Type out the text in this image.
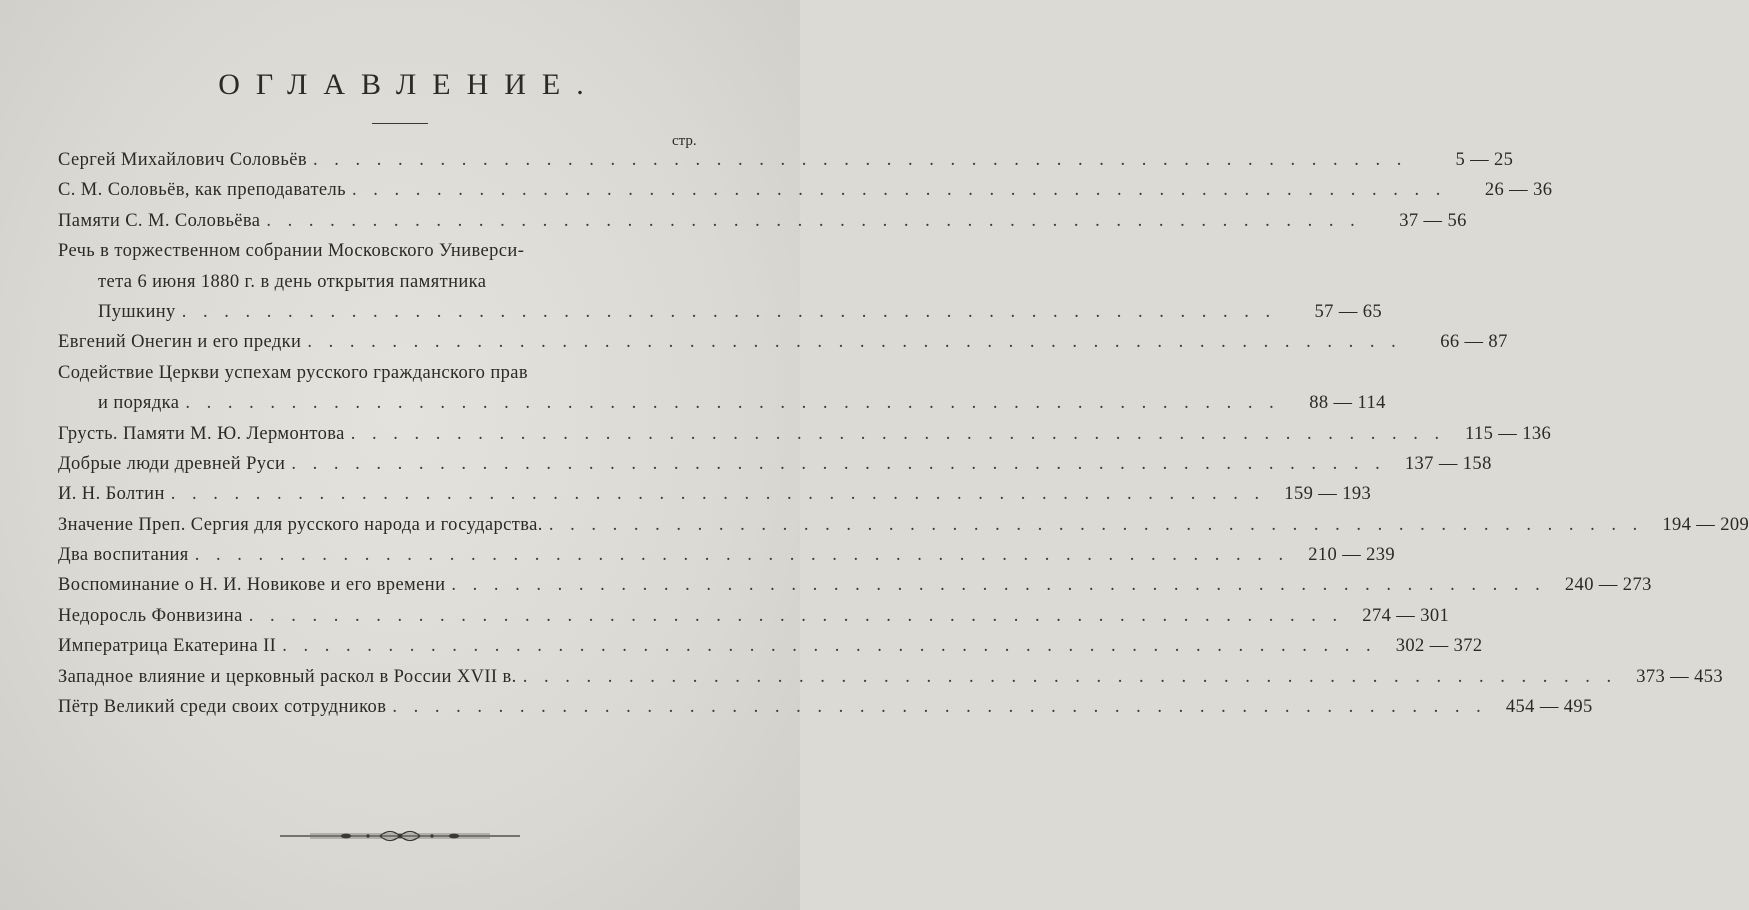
ОГЛАВЛЕНИЕ.
стр.
Сергей Михайлович Соловьёв . . . . . . . . . . . . . . . . . . . . . . . . . . . . . . . . . . . . . . . . . . . . . . . . . . . .	5 — 25
С. М. Соловьёв, как преподаватель . . . . . . . . . . . . . . . . . . . . . . . . . . . . . . . . . . . . . . . . . . . . . . . . . . . .	26 — 36
Памяти С. М. Соловьёва . . . . . . . . . . . . . . . . . . . . . . . . . . . . . . . . . . . . . . . . . . . . . . . . . . . .	37 — 56
Речь в торжественном собрании Московского Универси-
тета 6 июня 1880 г. в день открытия памятника
Пушкину . . . . . . . . . . . . . . . . . . . . . . . . . . . . . . . . . . . . . . . . . . . . . . . . . . . .	57 — 65
Евгений Онегин и его предки . . . . . . . . . . . . . . . . . . . . . . . . . . . . . . . . . . . . . . . . . . . . . . . . . . . .	66 — 87
Содействие Церкви успехам русского гражданского прав
и порядка . . . . . . . . . . . . . . . . . . . . . . . . . . . . . . . . . . . . . . . . . . . . . . . . . . . .	88 — 114
Грусть. Памяти М. Ю. Лермонтова . . . . . . . . . . . . . . . . . . . . . . . . . . . . . . . . . . . . . . . . . . . . . . . . . . . .	115 — 136
Добрые люди древней Руси . . . . . . . . . . . . . . . . . . . . . . . . . . . . . . . . . . . . . . . . . . . . . . . . . . . .	137 — 158
И. Н. Болтин . . . . . . . . . . . . . . . . . . . . . . . . . . . . . . . . . . . . . . . . . . . . . . . . . . . .	159 — 193
Значение Преп. Сергия для русского народа и государства. . . . . . . . . . . . . . . . . . . . . . . . . . . . . . . . . . . . . . . . . . . . . . . . . . . . .	194 — 209
Два воспитания . . . . . . . . . . . . . . . . . . . . . . . . . . . . . . . . . . . . . . . . . . . . . . . . . . . .	210 — 239
Воспоминание о Н. И. Новикове и его времени . . . . . . . . . . . . . . . . . . . . . . . . . . . . . . . . . . . . . . . . . . . . . . . . . . . .	240 — 273
Недоросль Фонвизина . . . . . . . . . . . . . . . . . . . . . . . . . . . . . . . . . . . . . . . . . . . . . . . . . . . .	274 — 301
Императрица Екатерина II . . . . . . . . . . . . . . . . . . . . . . . . . . . . . . . . . . . . . . . . . . . . . . . . . . . .	302 — 372
Западное влияние и церковный раскол в России XVII в. . . . . . . . . . . . . . . . . . . . . . . . . . . . . . . . . . . . . . . . . . . . . . . . . . . . .	373 — 453
Пётр Великий среди своих сотрудников . . . . . . . . . . . . . . . . . . . . . . . . . . . . . . . . . . . . . . . . . . . . . . . . . . . .	454 — 495
